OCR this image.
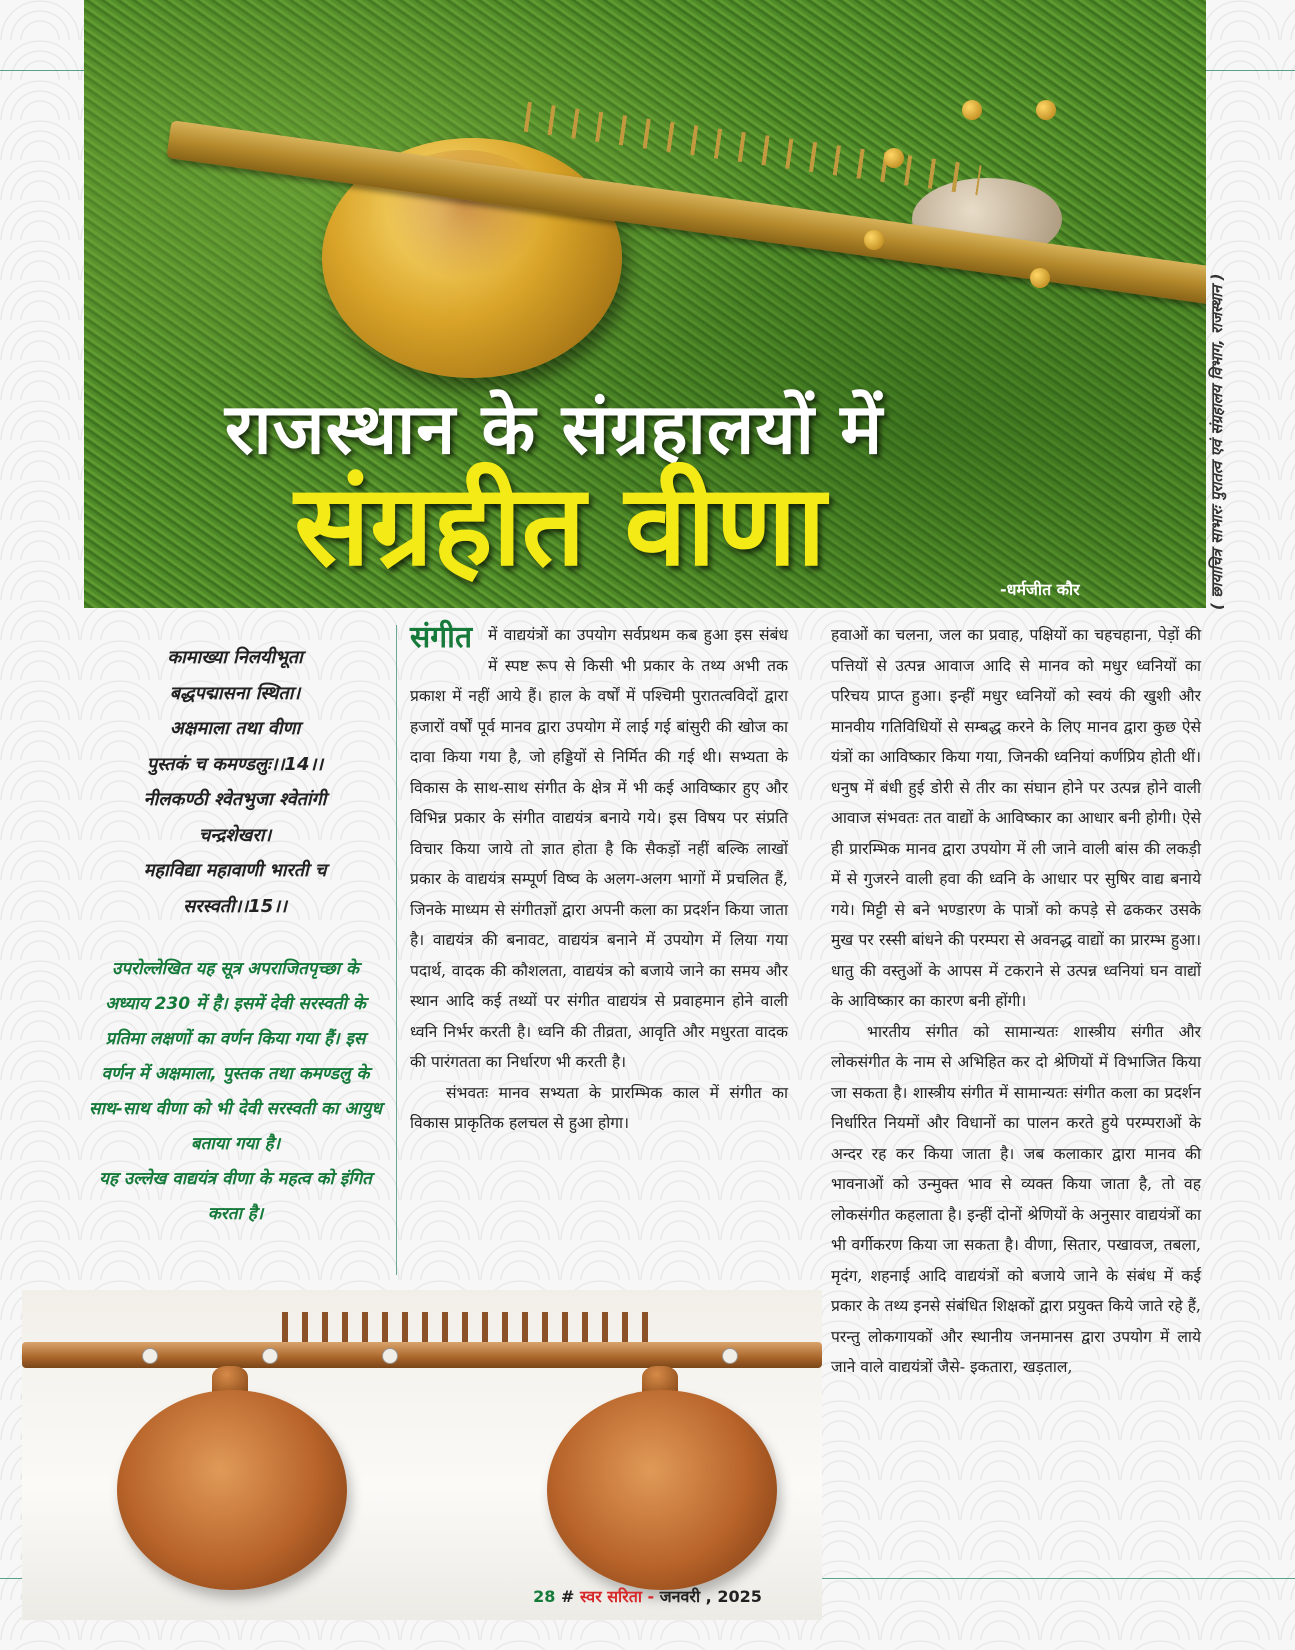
राजस्थान के संग्रहालयों में
संग्रहीत वीणा	-धर्मजीत कौर	( छायाचित्र साभारः पुरातत्व एवं संग्रहालय विभाग, राजस्थान )
कामाख्या निलयीभूता
बद्धपद्मासना स्थिता।
अक्षमाला तथा वीणा
पुस्तकं च कमण्डलुः।।14।।
नीलकण्ठी श्वेतभुजा श्वेतांगी
चन्द्रशेखरा।
महाविद्या महावाणी भारती च
सरस्वती।।15।।

उपरोल्लेखित यह सूत्र अपराजितपृच्छा के अध्याय 230 में है। इसमें देवी सरस्वती के प्रतिमा लक्षणों का वर्णन किया गया हैं। इस वर्णन में अक्षमाला, पुस्तक तथा कमण्डलु के साथ-साथ वीणा को भी देवी सरस्वती का आयुध बताया गया है।

यह उल्लेख वाद्ययंत्र वीणा के महत्व को इंगित करता है।

संगीत	में वाद्ययंत्रों का उपयोग सर्वप्रथम कब हुआ इस संबंध में स्पष्ट रूप से किसी भी प्रकार के तथ्य अभी तक प्रकाश में नहीं आये हैं। हाल के वर्षों में पश्चिमी पुरातत्वविदों द्वारा हजारों वर्षों पूर्व मानव द्वारा उपयोग में लाई गई बांसुरी की खोज का दावा किया गया है, जो हड्डियों से निर्मित की गई थी। सभ्यता के विकास के साथ-साथ संगीत के क्षेत्र में भी कई आविष्कार हुए और विभिन्न प्रकार के संगीत वाद्ययंत्र बनाये गये। इस विषय पर संप्रति विचार किया जाये तो ज्ञात होता है कि सैकड़ों नहीं बल्कि लाखों प्रकार के वाद्ययंत्र सम्पूर्ण विष्व के अलग-अलग भागों में प्रचलित हैं, जिनके माध्यम से संगीतज्ञों द्वारा अपनी कला का प्रदर्शन किया जाता है। वाद्ययंत्र की बनावट, वाद्ययंत्र बनाने में उपयोग में लिया गया पदार्थ, वादक की कौशलता, वाद्ययंत्र को बजाये जाने का समय और स्थान आदि कई तथ्यों पर संगीत वाद्ययंत्र से प्रवाहमान होने वाली ध्वनि निर्भर करती है। ध्वनि की तीव्रता, आवृति और मधुरता वादक की पारंगतता का निर्धारण भी करती है।

संभवतः मानव सभ्यता के प्रारम्भिक काल में संगीत का विकास प्राकृतिक हलचल से हुआ होगा।

हवाओं का चलना, जल का प्रवाह, पक्षियों का चहचहाना, पेड़ों की पत्तियों से उत्पन्न आवाज आदि से मानव को मधुर ध्वनियों का परिचय प्राप्त हुआ। इन्हीं मधुर ध्वनियों को स्वयं की खुशी और मानवीय गतिविधियों से सम्बद्ध करने के लिए मानव द्वारा कुछ ऐसे यंत्रों का आविष्कार किया गया, जिनकी ध्वनियां कर्णप्रिय होती थीं। धनुष में बंधी हुई डोरी से तीर का संघान होने पर उत्पन्न होने वाली आवाज संभवतः तत वाद्यों के आविष्कार का आधार बनी होगी। ऐसे ही प्रारम्भिक मानव द्वारा उपयोग में ली जाने वाली बांस की लकड़ी में से गुजरने वाली हवा की ध्वनि के आधार पर सुषिर वाद्य बनाये गये। मिट्टी से बने भण्डारण के पात्रों को कपड़े से ढककर उसके मुख पर रस्सी बांधने की परम्परा से अवनद्ध वाद्यों का प्रारम्भ हुआ। धातु की वस्तुओं के आपस में टकराने से उत्पन्न ध्वनियां घन वाद्यों के आविष्कार का कारण बनी होंगी।

भारतीय संगीत को सामान्यतः शास्त्रीय संगीत और लोकसंगीत के नाम से अभिहित कर दो श्रेणियों में विभाजित किया जा सकता है। शास्त्रीय संगीत में सामान्यतः संगीत कला का प्रदर्शन निर्धारित नियमों और विधानों का पालन करते हुये परम्पराओं के अन्दर रह कर किया जाता है। जब कलाकार द्वारा मानव की भावनाओं को उन्मुक्त भाव से व्यक्त किया जाता है, तो वह लोकसंगीत कहलाता है। इन्हीं दोनों श्रेणियों के अनुसार वाद्ययंत्रों का भी वर्गीकरण किया जा सकता है। वीणा, सितार, पखावज, तबला, मृदंग, शहनाई आदि वाद्ययंत्रों को बजाये जाने के संबंध में कई प्रकार के तथ्य इनसे संबंधित शिक्षकों द्वारा प्रयुक्त किये जाते रहे हैं, परन्तु लोकगायकों और स्थानीय जनमानस द्वारा उपयोग में लाये जाने वाले वाद्ययंत्रों जैसे- इकतारा, खड़ताल,

28 # स्वर सरिता - जनवरी , 2025
